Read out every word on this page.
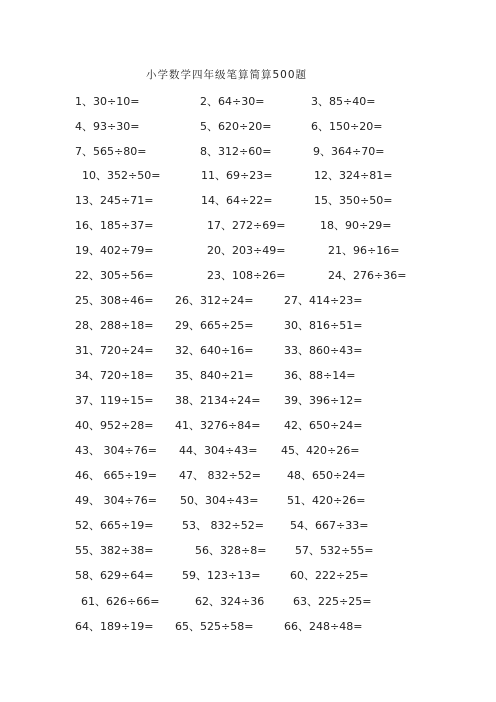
小学数学四年级笔算简算500题
1、30÷10=	2、64÷30=	3、85÷40=
4、93÷30=	5、620÷20=	6、150÷20=
7、565÷80=	8、312÷60=	9、364÷70=
10、352÷50=	11、69÷23=	12、324÷81=
13、245÷71=	14、64÷22=	15、350÷50=
16、185÷37=	17、272÷69=	18、90÷29=
19、402÷79=	20、203÷49=	21、96÷16=
22、305÷56=	23、108÷26=	24、276÷36=
25、308÷46= 26、312÷24=	27、414÷23=
28、288÷18= 29、665÷25=	30、816÷51=
31、720÷24= 32、640÷16=	33、860÷43=
34、720÷18= 35、840÷21=	36、88÷14=
37、119÷15= 38、2134÷24= 39、396÷12=
40、952÷28= 41、3276÷84= 42、650÷24=
43、 304÷76= 44、304÷43= 45、420÷26=
46、 665÷19= 47、 832÷52= 48、650÷24=
49、 304÷76= 50、304÷43=	51、420÷26=
52、665÷19=	53、 832÷52= 54、667÷33=
55、382÷38=	56、328÷8=	57、532÷55=
58、629÷64=	59、123÷13=	60、222÷25=
61、626÷66=	62、324÷36	63、225÷25=
64、189÷19= 65、525÷58=	66、248÷48=
